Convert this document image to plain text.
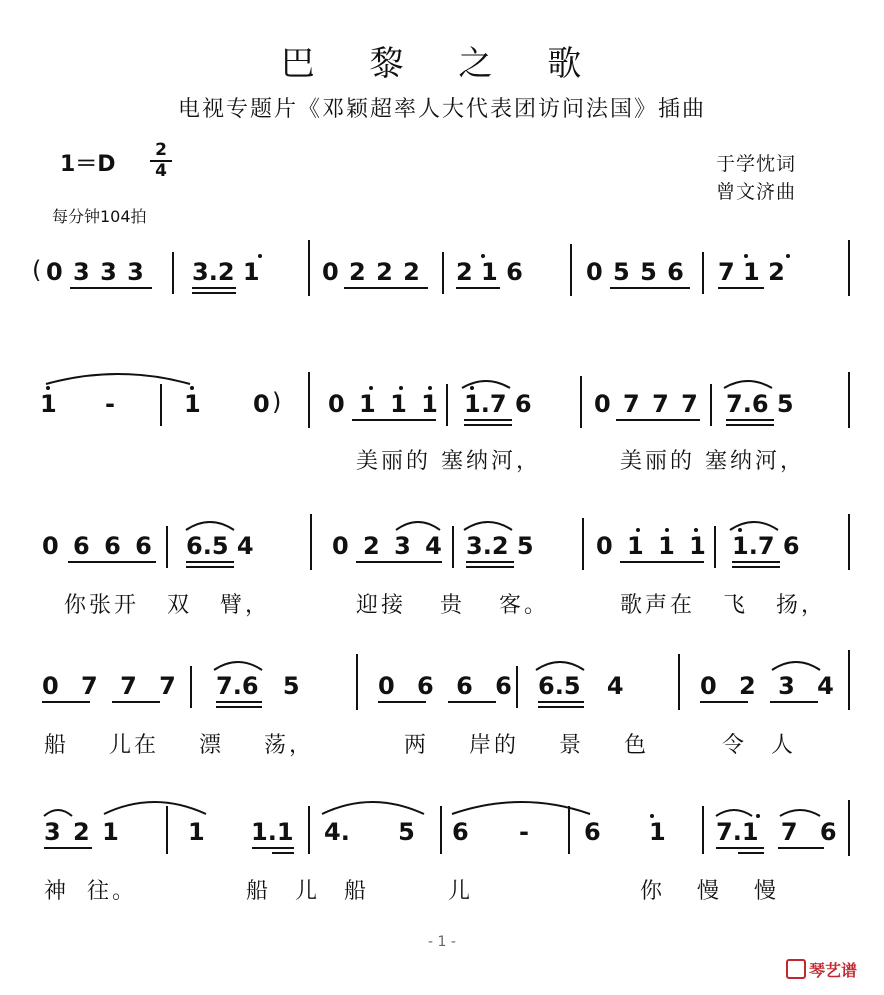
巴 黎 之 歌
电视专题片《邓颖超率人大代表团访问法国》插曲
1＝D
2
4
每分钟104拍
于学忱词
曾文济曲
( 0 3 3 3 3.2 1	0 2 2 2 2 1 6	0 5 5 6 7 1 2
1 -	1 0 ) 0 1 1 1 1.7 6	0 7 7 7 7.6 5
美丽的 塞纳河，	美丽的 塞纳河，
0 6 6 6 6.5 4	0 2 3 4 3.2 5	0 1 1 1 1.7 6
你张开 双 臂，	迎接 贵 客。	歌声在 飞 扬，
0 7 7 7 7.6 5	0 6 6 6 6.5 4	0 2 3 4
船 儿在 漂 荡，	两 岸的 景 色	令 人
3 2 1	1 1.1 4. 5 6 - 6 1 7.1 7 6
神 往。	船 儿 船	儿	你 慢 慢
- 1 -
琴艺谱
